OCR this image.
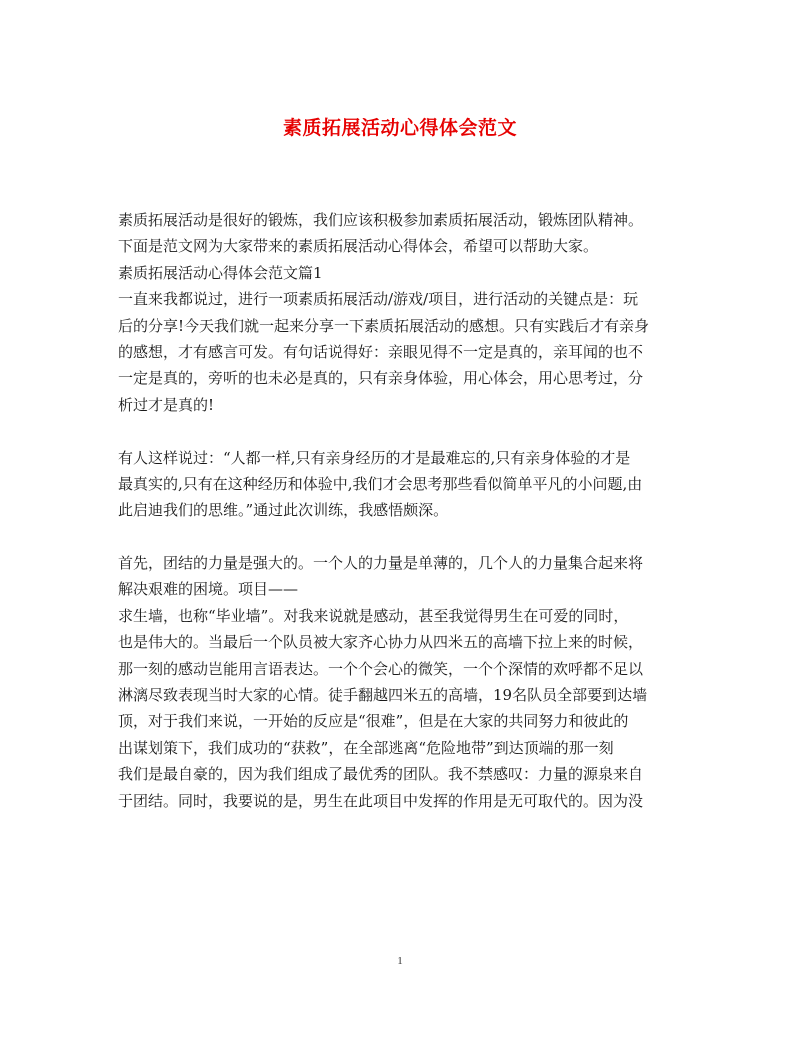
素质拓展活动心得体会范文
素质拓展活动是很好的锻炼，我们应该积极参加素质拓展活动，锻炼团队精神。
下面是范文网为大家带来的素质拓展活动心得体会，希望可以帮助大家。
素质拓展活动心得体会范文篇1
一直来我都说过，进行一项素质拓展活动/游戏/项目，进行活动的关键点是：玩
后的分享!今天我们就一起来分享一下素质拓展活动的感想。只有实践后才有亲身
的感想，才有感言可发。有句话说得好：亲眼见得不一定是真的，亲耳闻的也不
一定是真的，旁听的也未必是真的，只有亲身体验，用心体会，用心思考过，分
析过才是真的!
有人这样说过：“人都一样,只有亲身经历的才是最难忘的,只有亲身体验的才是
最真实的,只有在这种经历和体验中,我们才会思考那些看似简单平凡的小问题,由
此启迪我们的思维。”通过此次训练，我感悟颇深。
首先，团结的力量是强大的。一个人的力量是单薄的，几个人的力量集合起来将
解决艰难的困境。项目——
求生墙，也称“毕业墙”。对我来说就是感动，甚至我觉得男生在可爱的同时，
也是伟大的。当最后一个队员被大家齐心协力从四米五的高墙下拉上来的时候，
那一刻的感动岂能用言语表达。一个个会心的微笑，一个个深情的欢呼都不足以
淋漓尽致表现当时大家的心情。徒手翻越四米五的高墙，19名队员全部要到达墙
顶，对于我们来说，一开始的反应是“很难”，但是在大家的共同努力和彼此的
出谋划策下，我们成功的“获救”，在全部逃离“危险地带”到达顶端的那一刻
我们是最自豪的，因为我们组成了最优秀的团队。我不禁感叹：力量的源泉来自
于团结。同时，我要说的是，男生在此项目中发挥的作用是无可取代的。因为没
1
